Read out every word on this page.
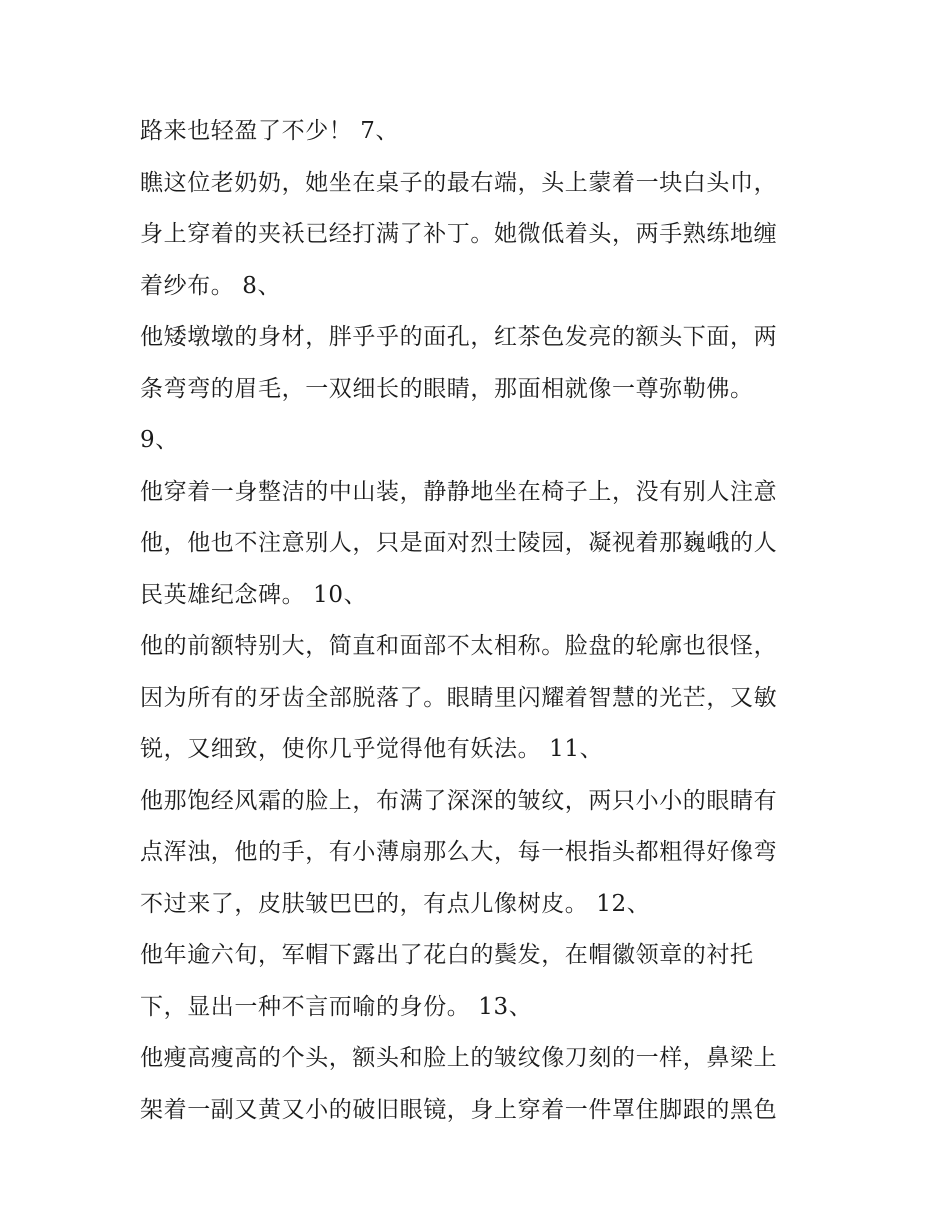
路来也轻盈了不少！ 7、
瞧这位老奶奶，她坐在桌子的最右端，头上蒙着一块白头巾，
身上穿着的夹袄已经打满了补丁。她微低着头，两手熟练地缠
着纱布。 8、
他矮墩墩的身材，胖乎乎的面孔，红茶色发亮的额头下面，两
条弯弯的眉毛，一双细长的眼睛，那面相就像一尊弥勒佛。
9、
他穿着一身整洁的中山装，静静地坐在椅子上，没有别人注意
他，他也不注意别人，只是面对烈士陵园，凝视着那巍峨的人
民英雄纪念碑。 10、
他的前额特别大，简直和面部不太相称。脸盘的轮廓也很怪，
因为所有的牙齿全部脱落了。眼睛里闪耀着智慧的光芒，又敏
锐，又细致，使你几乎觉得他有妖法。 11、
他那饱经风霜的脸上，布满了深深的皱纹，两只小小的眼睛有
点浑浊，他的手，有小薄扇那么大，每一根指头都粗得好像弯
不过来了，皮肤皱巴巴的，有点儿像树皮。 12、
他年逾六旬，军帽下露出了花白的鬓发，在帽徽领章的衬托
下，显出一种不言而喻的身份。 13、
他瘦高瘦高的个头，额头和脸上的皱纹像刀刻的一样，鼻梁上
架着一副又黄又小的破旧眼镜，身上穿着一件罩住脚跟的黑色
